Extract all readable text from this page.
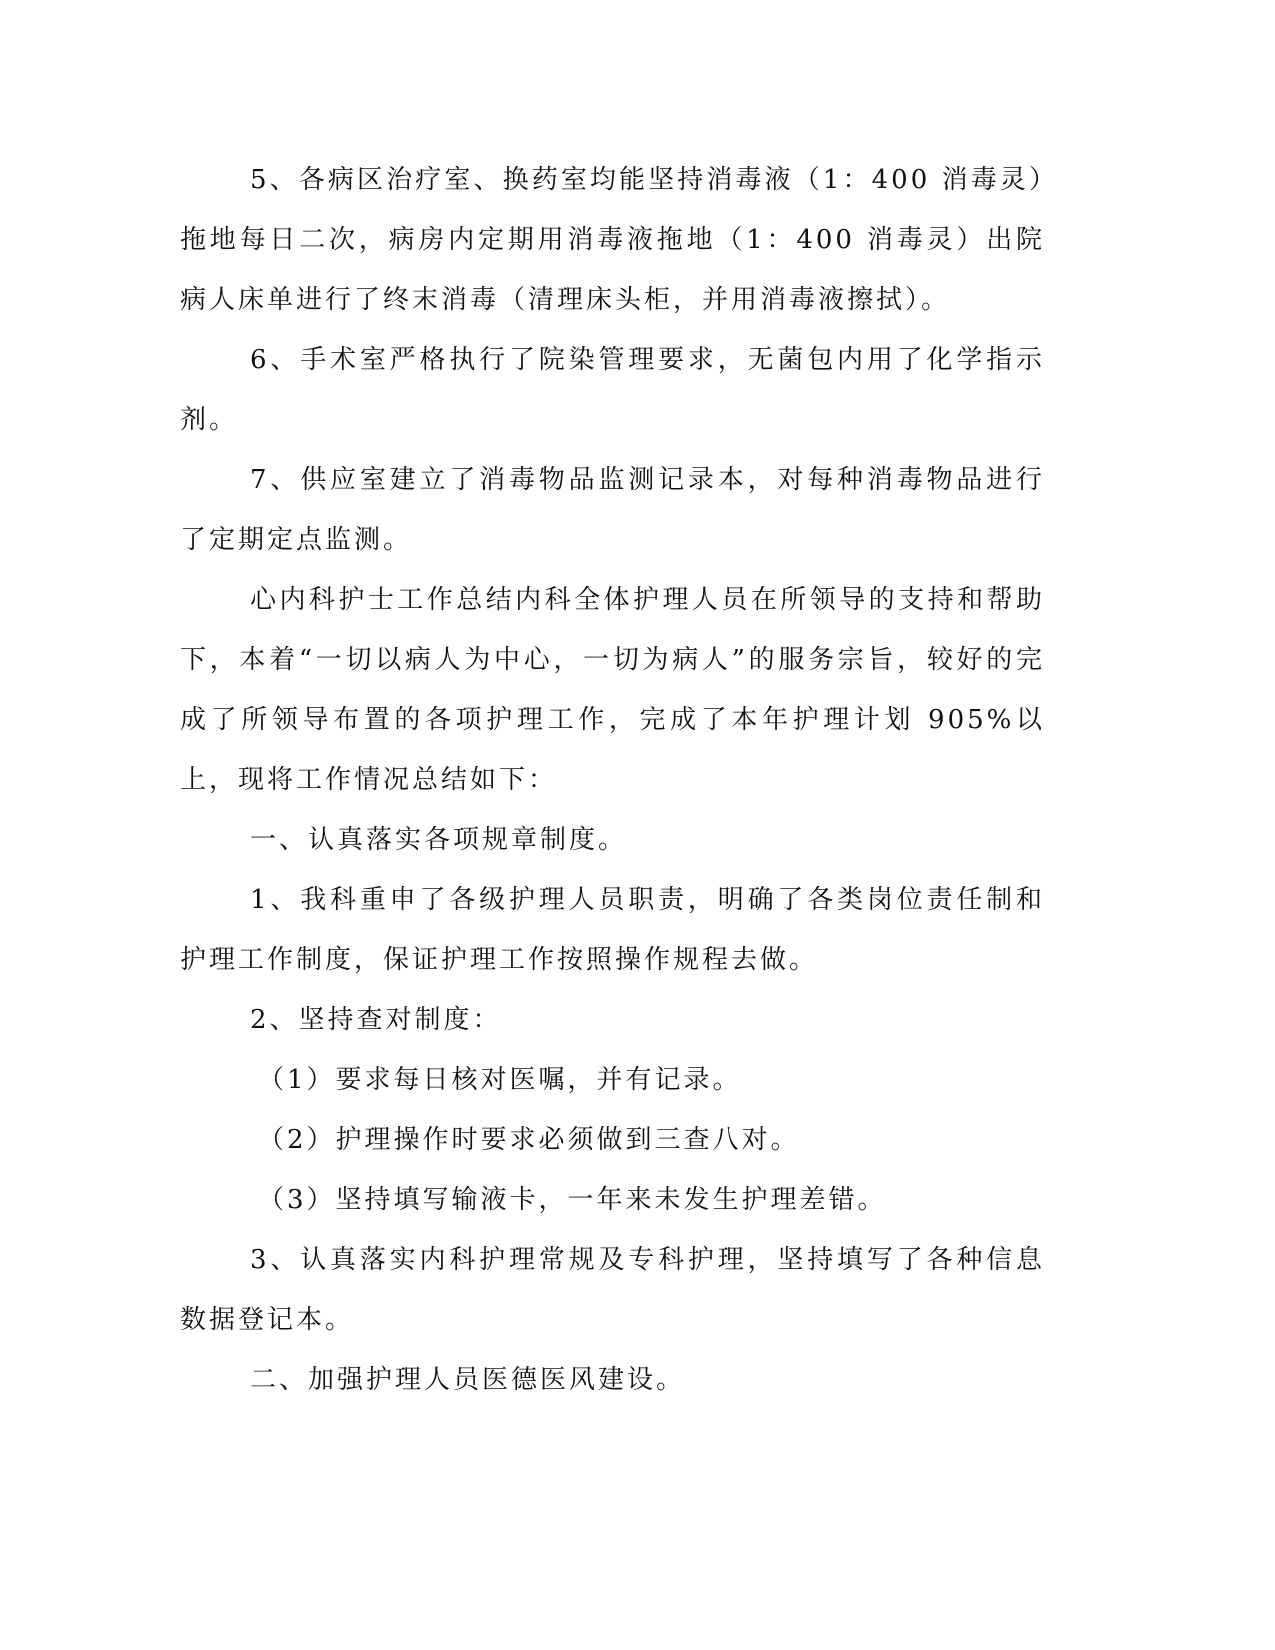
5、各病区治疗室、换药室均能坚持消毒液（1：400 消毒灵）拖地每日二次，病房内定期用消毒液拖地（1：400 消毒灵）出院病人床单进行了终末消毒（清理床头柜，并用消毒液擦拭）。

6、手术室严格执行了院染管理要求，无菌包内用了化学指示剂。

7、供应室建立了消毒物品监测记录本，对每种消毒物品进行了定期定点监测。

心内科护士工作总结内科全体护理人员在所领导的支持和帮助下，本着“一切以病人为中心，一切为病人”的服务宗旨，较好的完成了所领导布置的各项护理工作，完成了本年护理计划 905%以上，现将工作情况总结如下：

一、认真落实各项规章制度。

1、我科重申了各级护理人员职责，明确了各类岗位责任制和护理工作制度，保证护理工作按照操作规程去做。

2、坚持查对制度：

（1）要求每日核对医嘱，并有记录。

（2）护理操作时要求必须做到三查八对。

（3）坚持填写输液卡，一年来未发生护理差错。

3、认真落实内科护理常规及专科护理，坚持填写了各种信息数据登记本。

二、加强护理人员医德医风建设。
